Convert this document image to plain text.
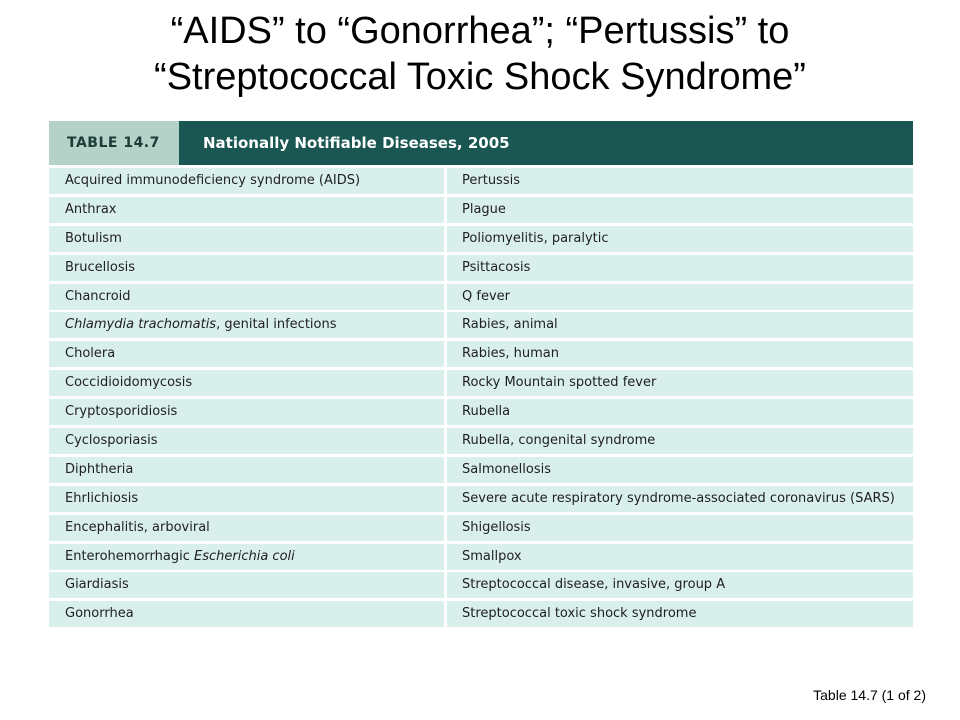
“AIDS” to “Gonorrhea”; “Pertussis” to
“Streptococcal Toxic Shock Syndrome”
TABLE 14.7	Nationally Notifiable Diseases, 2005
Acquired immunodeficiency syndrome (AIDS)
Anthrax
Botulism
Brucellosis
Chancroid
Chlamydia trachomatis, genital infections
Cholera
Coccidioidomycosis
Cryptosporidiosis
Cyclosporiasis
Diphtheria
Ehrlichiosis
Encephalitis, arboviral
Enterohemorrhagic Escherichia coli
Giardiasis
Gonorrhea
Pertussis
Plague
Poliomyelitis, paralytic
Psittacosis
Q fever
Rabies, animal
Rabies, human
Rocky Mountain spotted fever
Rubella
Rubella, congenital syndrome
Salmonellosis
Severe acute respiratory syndrome-associated coronavirus (SARS)
Shigellosis
Smallpox
Streptococcal disease, invasive, group A
Streptococcal toxic shock syndrome
Table 14.7 (1 of 2)
